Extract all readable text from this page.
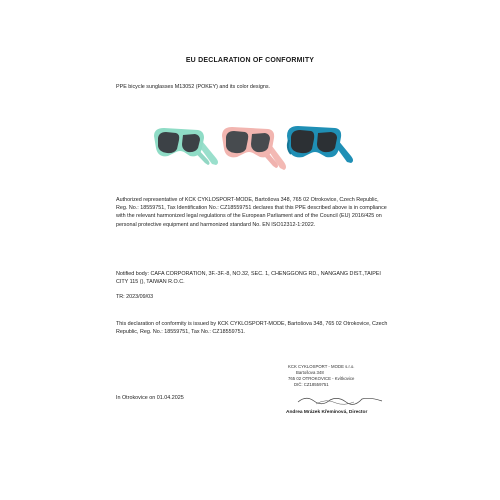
EU DECLARATION OF CONFORMITY
PPE bicycle sunglasses M13052 (POKEY) and its color designs.
Authorized representative of KCK CYKLOSPORT-MODE, Bartošova 348, 765 02 Otrokovice, Czech Republic, Reg. No.: 18559751, Tax Identification No.: CZ18559751 declares that this PPE described above is in compliance with the relevant harmonized legal regulations of the European Parliament and of the Council (EU) 2016/425 on personal protective equipment and harmonized standard No. EN ISO12312-1:2022.
Notified body: CAFA CORPORATION, 3F.-3F.-8, NO.32, SEC. 1, CHENGGONG RD., NANGANG DIST.,TAIPEI CITY 115 (), TAIWAN R.O.C.
TR: 2023/09/03
This declaration of conformity is issued by KCK CYKLOSPORT-MODE, Bartošova 348, 765 02 Otrokovice, Czech Republic, Reg. No.: 18559751, Tax No.: CZ18559751.
In Otrokovice on 01.04.2025
KCK CYKLOSPORT - MODE s.r.o.
Bartošova 348
765 02 OTROKOVICE - Kvítkovice
DIČ: CZ18559751
Andrea Mrázek Křemínová, Director
